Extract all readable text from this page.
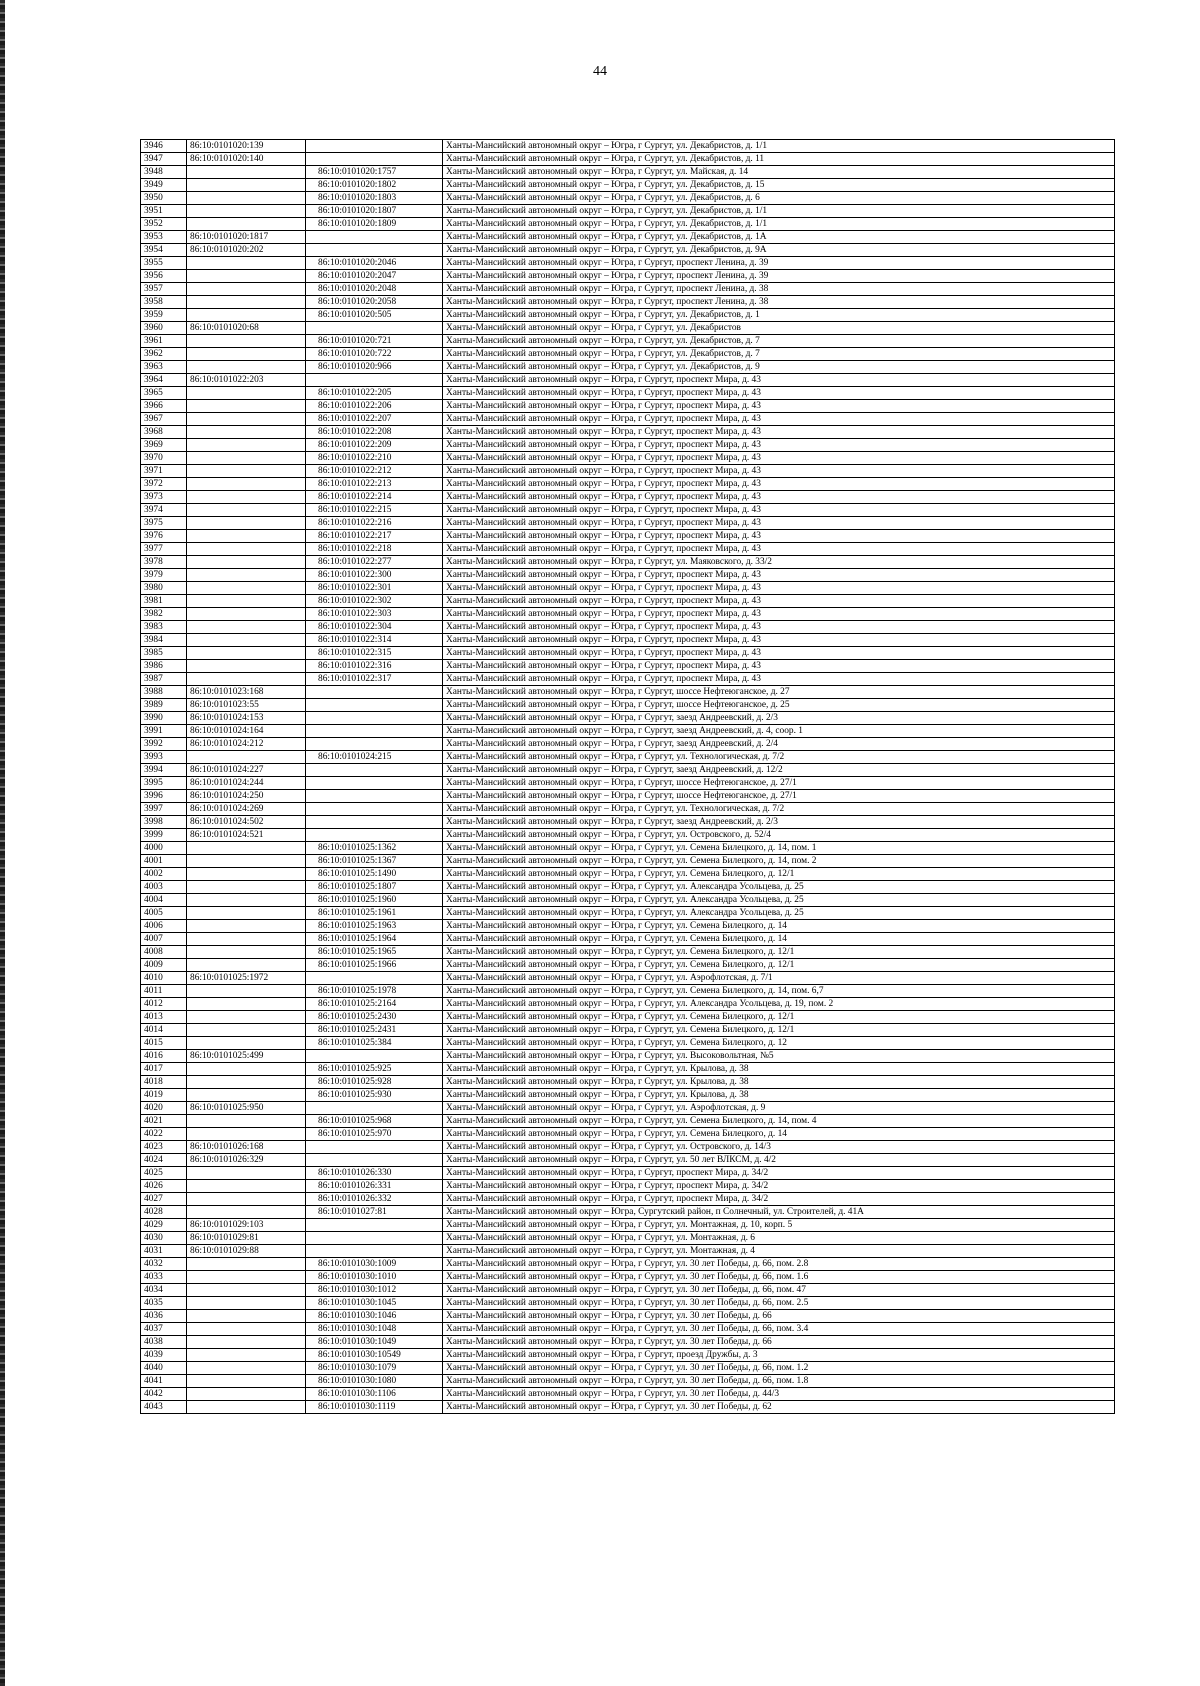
44
3946	86:10:0101020:139		Ханты-Мансийский автономный округ – Югра, г Сургут, ул. Декабристов, д. 1/1
3947	86:10:0101020:140		Ханты-Мансийский автономный округ – Югра, г Сургут, ул. Декабристов, д. 11
3948		86:10:0101020:1757	Ханты-Мансийский автономный округ – Югра, г Сургут, ул. Майская, д. 14
3949		86:10:0101020:1802	Ханты-Мансийский автономный округ – Югра, г Сургут, ул. Декабристов, д. 15
3950		86:10:0101020:1803	Ханты-Мансийский автономный округ – Югра, г Сургут, ул. Декабристов, д. 6
3951		86:10:0101020:1807	Ханты-Мансийский автономный округ – Югра, г Сургут, ул. Декабристов, д. 1/1
3952		86:10:0101020:1809	Ханты-Мансийский автономный округ – Югра, г Сургут, ул. Декабристов, д. 1/1
3953	86:10:0101020:1817		Ханты-Мансийский автономный округ – Югра, г Сургут, ул. Декабристов, д. 1А
3954	86:10:0101020:202		Ханты-Мансийский автономный округ – Югра, г Сургут, ул. Декабристов, д. 9А
3955		86:10:0101020:2046	Ханты-Мансийский автономный округ – Югра, г Сургут, проспект Ленина, д. 39
3956		86:10:0101020:2047	Ханты-Мансийский автономный округ – Югра, г Сургут, проспект Ленина, д. 39
3957		86:10:0101020:2048	Ханты-Мансийский автономный округ – Югра, г Сургут, проспект Ленина, д. 38
3958		86:10:0101020:2058	Ханты-Мансийский автономный округ – Югра, г Сургут, проспект Ленина, д. 38
3959		86:10:0101020:505	Ханты-Мансийский автономный округ – Югра, г Сургут, ул. Декабристов, д. 1
3960	86:10:0101020:68		Ханты-Мансийский автономный округ – Югра, г Сургут, ул. Декабристов
3961		86:10:0101020:721	Ханты-Мансийский автономный округ – Югра, г Сургут, ул. Декабристов, д. 7
3962		86:10:0101020:722	Ханты-Мансийский автономный округ – Югра, г Сургут, ул. Декабристов, д. 7
3963		86:10:0101020:966	Ханты-Мансийский автономный округ – Югра, г Сургут, ул. Декабристов, д. 9
3964	86:10:0101022:203		Ханты-Мансийский автономный округ – Югра, г Сургут, проспект Мира, д. 43
3965		86:10:0101022:205	Ханты-Мансийский автономный округ – Югра, г Сургут, проспект Мира, д. 43
3966		86:10:0101022:206	Ханты-Мансийский автономный округ – Югра, г Сургут, проспект Мира, д. 43
3967		86:10:0101022:207	Ханты-Мансийский автономный округ – Югра, г Сургут, проспект Мира, д. 43
3968		86:10:0101022:208	Ханты-Мансийский автономный округ – Югра, г Сургут, проспект Мира, д. 43
3969		86:10:0101022:209	Ханты-Мансийский автономный округ – Югра, г Сургут, проспект Мира, д. 43
3970		86:10:0101022:210	Ханты-Мансийский автономный округ – Югра, г Сургут, проспект Мира, д. 43
3971		86:10:0101022:212	Ханты-Мансийский автономный округ – Югра, г Сургут, проспект Мира, д. 43
3972		86:10:0101022:213	Ханты-Мансийский автономный округ – Югра, г Сургут, проспект Мира, д. 43
3973		86:10:0101022:214	Ханты-Мансийский автономный округ – Югра, г Сургут, проспект Мира, д. 43
3974		86:10:0101022:215	Ханты-Мансийский автономный округ – Югра, г Сургут, проспект Мира, д. 43
3975		86:10:0101022:216	Ханты-Мансийский автономный округ – Югра, г Сургут, проспект Мира, д. 43
3976		86:10:0101022:217	Ханты-Мансийский автономный округ – Югра, г Сургут, проспект Мира, д. 43
3977		86:10:0101022:218	Ханты-Мансийский автономный округ – Югра, г Сургут, проспект Мира, д. 43
3978		86:10:0101022:277	Ханты-Мансийский автономный округ – Югра, г Сургут, ул. Маяковского, д. 33/2
3979		86:10:0101022:300	Ханты-Мансийский автономный округ – Югра, г Сургут, проспект Мира, д. 43
3980		86:10:0101022:301	Ханты-Мансийский автономный округ – Югра, г Сургут, проспект Мира, д. 43
3981		86:10:0101022:302	Ханты-Мансийский автономный округ – Югра, г Сургут, проспект Мира, д. 43
3982		86:10:0101022:303	Ханты-Мансийский автономный округ – Югра, г Сургут, проспект Мира, д. 43
3983		86:10:0101022:304	Ханты-Мансийский автономный округ – Югра, г Сургут, проспект Мира, д. 43
3984		86:10:0101022:314	Ханты-Мансийский автономный округ – Югра, г Сургут, проспект Мира, д. 43
3985		86:10:0101022:315	Ханты-Мансийский автономный округ – Югра, г Сургут, проспект Мира, д. 43
3986		86:10:0101022:316	Ханты-Мансийский автономный округ – Югра, г Сургут, проспект Мира, д. 43
3987		86:10:0101022:317	Ханты-Мансийский автономный округ – Югра, г Сургут, проспект Мира, д. 43
3988	86:10:0101023:168		Ханты-Мансийский автономный округ – Югра, г Сургут, шоссе Нефтеюганское, д. 27
3989	86:10:0101023:55		Ханты-Мансийский автономный округ – Югра, г Сургут, шоссе Нефтеюганское, д. 25
3990	86:10:0101024:153		Ханты-Мансийский автономный округ – Югра, г Сургут, заезд Андреевский, д. 2/3
3991	86:10:0101024:164		Ханты-Мансийский автономный округ – Югра, г Сургут, заезд Андреевский, д. 4, соор. 1
3992	86:10:0101024:212		Ханты-Мансийский автономный округ – Югра, г Сургут, заезд Андреевский, д. 2/4
3993		86:10:0101024:215	Ханты-Мансийский автономный округ – Югра, г Сургут, ул. Технологическая, д. 7/2
3994	86:10:0101024:227		Ханты-Мансийский автономный округ – Югра, г Сургут, заезд Андреевский, д. 12/2
3995	86:10:0101024:244		Ханты-Мансийский автономный округ – Югра, г Сургут, шоссе Нефтеюганское, д. 27/1
3996	86:10:0101024:250		Ханты-Мансийский автономный округ – Югра, г Сургут, шоссе Нефтеюганское, д. 27/1
3997	86:10:0101024:269		Ханты-Мансийский автономный округ – Югра, г Сургут, ул. Технологическая, д. 7/2
3998	86:10:0101024:502		Ханты-Мансийский автономный округ – Югра, г Сургут, заезд Андреевский, д. 2/3
3999	86:10:0101024:521		Ханты-Мансийский автономный округ – Югра, г Сургут, ул. Островского, д. 52/4
4000		86:10:0101025:1362	Ханты-Мансийский автономный округ – Югра, г Сургут, ул. Семена Билецкого, д. 14, пом. 1
4001		86:10:0101025:1367	Ханты-Мансийский автономный округ – Югра, г Сургут, ул. Семена Билецкого, д. 14, пом. 2
4002		86:10:0101025:1490	Ханты-Мансийский автономный округ – Югра, г Сургут, ул. Семена Билецкого, д. 12/1
4003		86:10:0101025:1807	Ханты-Мансийский автономный округ – Югра, г Сургут, ул. Александра Усольцева, д. 25
4004		86:10:0101025:1960	Ханты-Мансийский автономный округ – Югра, г Сургут, ул. Александра Усольцева, д. 25
4005		86:10:0101025:1961	Ханты-Мансийский автономный округ – Югра, г Сургут, ул. Александра Усольцева, д. 25
4006		86:10:0101025:1963	Ханты-Мансийский автономный округ – Югра, г Сургут, ул. Семена Билецкого, д. 14
4007		86:10:0101025:1964	Ханты-Мансийский автономный округ – Югра, г Сургут, ул. Семена Билецкого, д. 14
4008		86:10:0101025:1965	Ханты-Мансийский автономный округ – Югра, г Сургут, ул. Семена Билецкого, д. 12/1
4009		86:10:0101025:1966	Ханты-Мансийский автономный округ – Югра, г Сургут, ул. Семена Билецкого, д. 12/1
4010	86:10:0101025:1972		Ханты-Мансийский автономный округ – Югра, г Сургут, ул. Аэрофлотская, д. 7/1
4011		86:10:0101025:1978	Ханты-Мансийский автономный округ – Югра, г Сургут, ул. Семена Билецкого, д. 14, пом. 6,7
4012		86:10:0101025:2164	Ханты-Мансийский автономный округ – Югра, г Сургут, ул. Александра Усольцева, д. 19, пом. 2
4013		86:10:0101025:2430	Ханты-Мансийский автономный округ – Югра, г Сургут, ул. Семена Билецкого, д. 12/1
4014		86:10:0101025:2431	Ханты-Мансийский автономный округ – Югра, г Сургут, ул. Семена Билецкого, д. 12/1
4015		86:10:0101025:384	Ханты-Мансийский автономный округ – Югра, г Сургут, ул. Семена Билецкого, д. 12
4016	86:10:0101025:499		Ханты-Мансийский автономный округ – Югра, г Сургут, ул. Высоковольтная, №5
4017		86:10:0101025:925	Ханты-Мансийский автономный округ – Югра, г Сургут, ул. Крылова, д. 38
4018		86:10:0101025:928	Ханты-Мансийский автономный округ – Югра, г Сургут, ул. Крылова, д. 38
4019		86:10:0101025:930	Ханты-Мансийский автономный округ – Югра, г Сургут, ул. Крылова, д. 38
4020	86:10:0101025:950		Ханты-Мансийский автономный округ – Югра, г Сургут, ул. Аэрофлотская, д. 9
4021		86:10:0101025:968	Ханты-Мансийский автономный округ – Югра, г Сургут, ул. Семена Билецкого, д. 14, пом. 4
4022		86:10:0101025:970	Ханты-Мансийский автономный округ – Югра, г Сургут, ул. Семена Билецкого, д. 14
4023	86:10:0101026:168		Ханты-Мансийский автономный округ – Югра, г Сургут, ул. Островского, д. 14/3
4024	86:10:0101026:329		Ханты-Мансийский автономный округ – Югра, г Сургут, ул. 50 лет ВЛКСМ, д. 4/2
4025		86:10:0101026:330	Ханты-Мансийский автономный округ – Югра, г Сургут, проспект Мира, д. 34/2
4026		86:10:0101026:331	Ханты-Мансийский автономный округ – Югра, г Сургут, проспект Мира, д. 34/2
4027		86:10:0101026:332	Ханты-Мансийский автономный округ – Югра, г Сургут, проспект Мира, д. 34/2
4028		86:10:0101027:81	Ханты-Мансийский автономный округ – Югра, Сургутский район, п Солнечный, ул. Строителей, д. 41А
4029	86:10:0101029:103		Ханты-Мансийский автономный округ – Югра, г Сургут, ул. Монтажная, д. 10, корп. 5
4030	86:10:0101029:81		Ханты-Мансийский автономный округ – Югра, г Сургут, ул. Монтажная, д. 6
4031	86:10:0101029:88		Ханты-Мансийский автономный округ – Югра, г Сургут, ул. Монтажная, д. 4
4032		86:10:0101030:1009	Ханты-Мансийский автономный округ – Югра, г Сургут, ул. 30 лет Победы, д. 66, пом. 2.8
4033		86:10:0101030:1010	Ханты-Мансийский автономный округ – Югра, г Сургут, ул. 30 лет Победы, д. 66, пом. 1.6
4034		86:10:0101030:1012	Ханты-Мансийский автономный округ – Югра, г Сургут, ул. 30 лет Победы, д. 66, пом. 47
4035		86:10:0101030:1045	Ханты-Мансийский автономный округ – Югра, г Сургут, ул. 30 лет Победы, д. 66, пом. 2.5
4036		86:10:0101030:1046	Ханты-Мансийский автономный округ – Югра, г Сургут, ул. 30 лет Победы, д. 66
4037		86:10:0101030:1048	Ханты-Мансийский автономный округ – Югра, г Сургут, ул. 30 лет Победы, д. 66, пом. 3.4
4038		86:10:0101030:1049	Ханты-Мансийский автономный округ – Югра, г Сургут, ул. 30 лет Победы, д. 66
4039		86:10:0101030:10549	Ханты-Мансийский автономный округ – Югра, г Сургут, проезд Дружбы, д. 3
4040		86:10:0101030:1079	Ханты-Мансийский автономный округ – Югра, г Сургут, ул. 30 лет Победы, д. 66, пом. 1.2
4041		86:10:0101030:1080	Ханты-Мансийский автономный округ – Югра, г Сургут, ул. 30 лет Победы, д. 66, пом. 1.8
4042		86:10:0101030:1106	Ханты-Мансийский автономный округ – Югра, г Сургут, ул. 30 лет Победы, д. 44/3
4043		86:10:0101030:1119	Ханты-Мансийский автономный округ – Югра, г Сургут, ул. 30 лет Победы, д. 62
